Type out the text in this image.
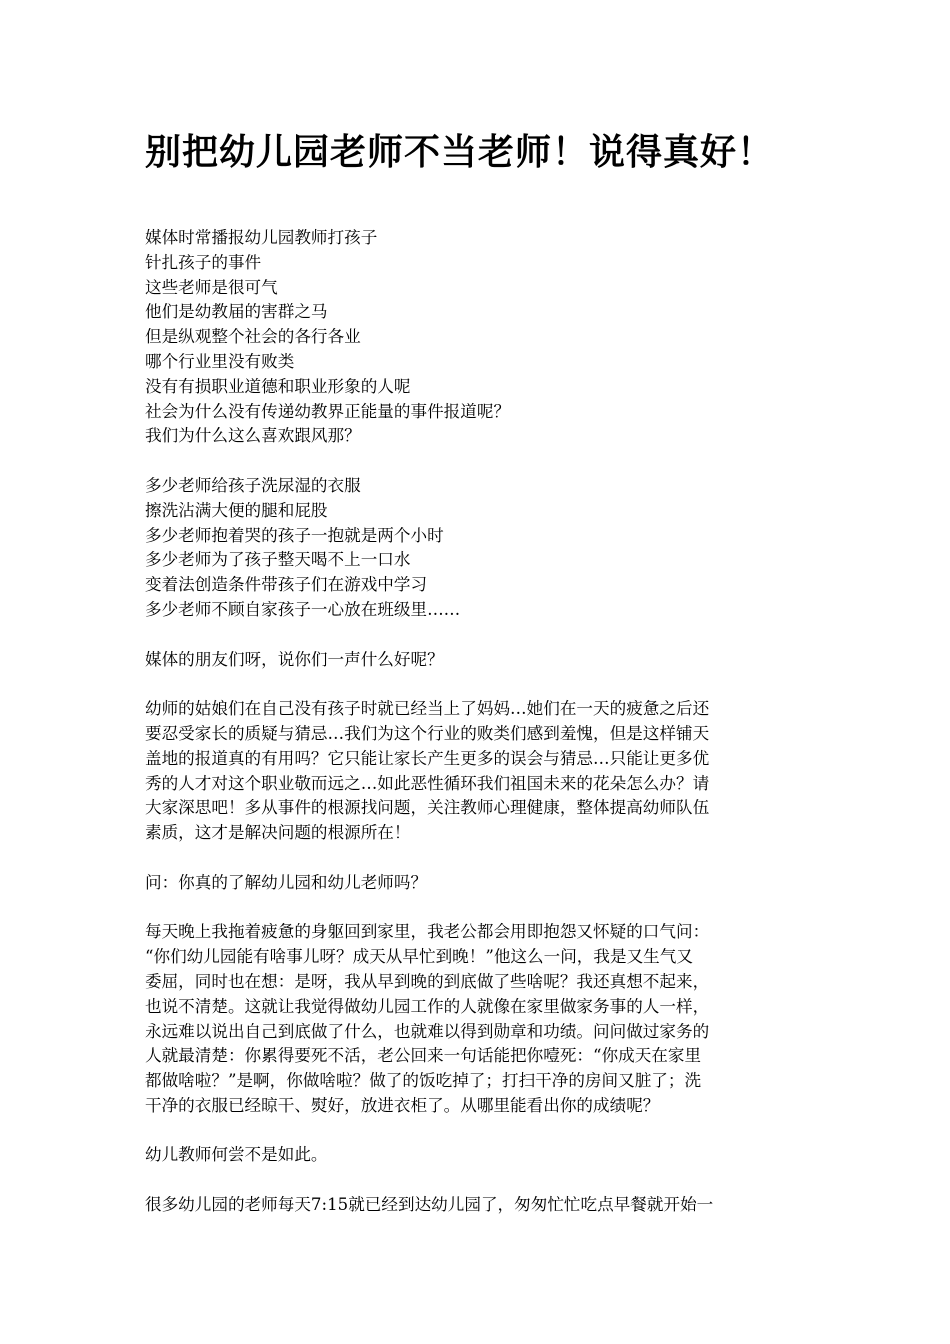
别把幼儿园老师不当老师！说得真好！
媒体时常播报幼儿园教师打孩子
针扎孩子的事件
这些老师是很可气
他们是幼教届的害群之马
但是纵观整个社会的各行各业
哪个行业里没有败类
没有有损职业道德和职业形象的人呢
社会为什么没有传递幼教界正能量的事件报道呢？
我们为什么这么喜欢跟风那？
多少老师给孩子洗尿湿的衣服
擦洗沾满大便的腿和屁股
多少老师抱着哭的孩子一抱就是两个小时
多少老师为了孩子整天喝不上一口水
变着法创造条件带孩子们在游戏中学习
多少老师不顾自家孩子一心放在班级里……
媒体的朋友们呀，说你们一声什么好呢？
幼师的姑娘们在自己没有孩子时就已经当上了妈妈…她们在一天的疲惫之后还
要忍受家长的质疑与猜忌…我们为这个行业的败类们感到羞愧，但是这样铺天
盖地的报道真的有用吗？它只能让家长产生更多的误会与猜忌…只能让更多优
秀的人才对这个职业敬而远之…如此恶性循环我们祖国未来的花朵怎么办？请
大家深思吧！多从事件的根源找问题，关注教师心理健康，整体提高幼师队伍
素质，这才是解决问题的根源所在！
问：你真的了解幼儿园和幼儿老师吗？
每天晚上我拖着疲惫的身躯回到家里，我老公都会用即抱怨又怀疑的口气问：
“你们幼儿园能有啥事儿呀？成天从早忙到晚！”他这么一问，我是又生气又
委屈，同时也在想：是呀，我从早到晚的到底做了些啥呢？我还真想不起来，
也说不清楚。这就让我觉得做幼儿园工作的人就像在家里做家务事的人一样，
永远难以说出自己到底做了什么，也就难以得到勋章和功绩。问问做过家务的
人就最清楚：你累得要死不活，老公回来一句话能把你噎死：“你成天在家里
都做啥啦？”是啊，你做啥啦？做了的饭吃掉了；打扫干净的房间又脏了；洗
干净的衣服已经晾干、熨好，放进衣柜了。从哪里能看出你的成绩呢？
幼儿教师何尝不是如此。
很多幼儿园的老师每天7:15就已经到达幼儿园了，匆匆忙忙吃点早餐就开始一
